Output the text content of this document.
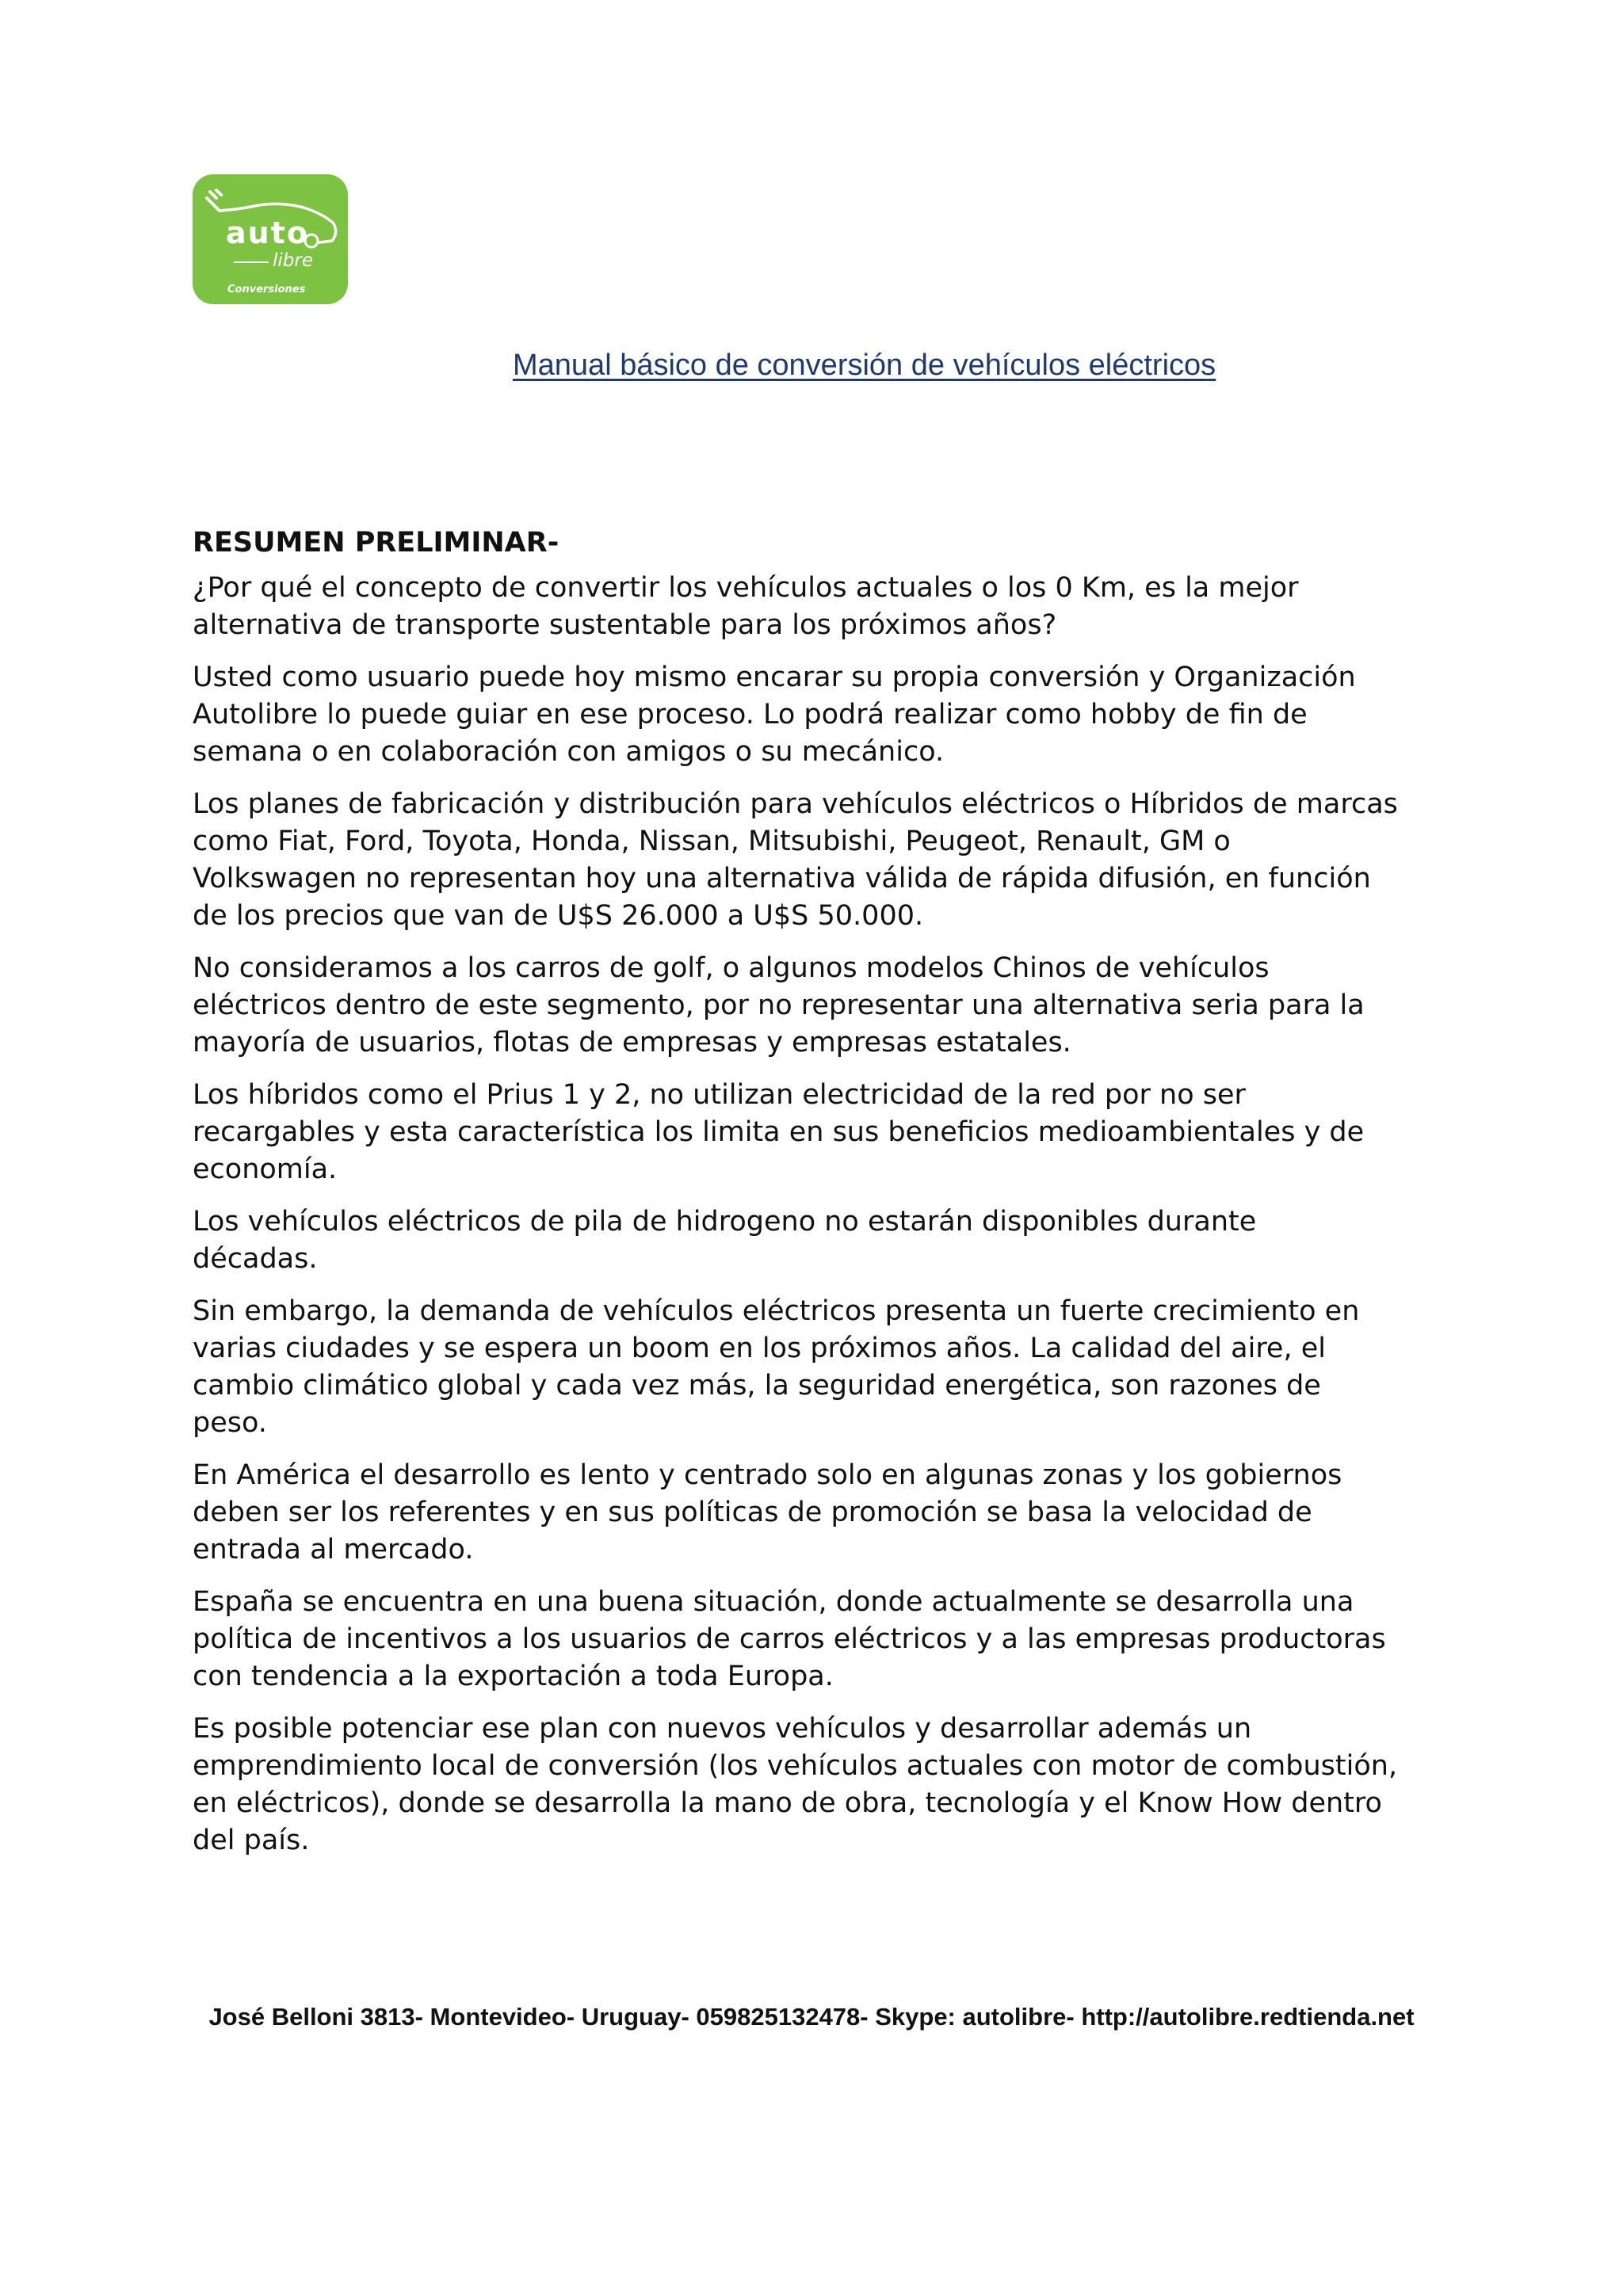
auto
libre
Conversiones
Manual básico de conversión de vehículos eléctricos
RESUMEN PRELIMINAR-

¿Por qué el concepto de convertir los vehículos actuales o los 0 Km, es la mejor
alternativa de transporte sustentable para los próximos años?

Usted como usuario puede hoy mismo encarar su propia conversión y Organización
Autolibre lo puede guiar en ese proceso. Lo podrá realizar como hobby de fin de
semana o en colaboración con amigos o su mecánico.

Los planes de fabricación y distribución para vehículos eléctricos o Híbridos de marcas
como Fiat, Ford, Toyota, Honda, Nissan, Mitsubishi, Peugeot, Renault, GM o
Volkswagen no representan hoy una alternativa válida de rápida difusión, en función
de los precios que van de U$S 26.000 a U$S 50.000.

No consideramos a los carros de golf, o algunos modelos Chinos de vehículos
eléctricos dentro de este segmento, por no representar una alternativa seria para la
mayoría de usuarios, flotas de empresas y empresas estatales.

Los híbridos como el Prius 1 y 2, no utilizan electricidad de la red por no ser
recargables y esta característica los limita en sus beneficios medioambientales y de
economía.

Los vehículos eléctricos de pila de hidrogeno no estarán disponibles durante
décadas.

Sin embargo, la demanda de vehículos eléctricos presenta un fuerte crecimiento en
varias ciudades y se espera un boom en los próximos años. La calidad del aire, el
cambio climático global y cada vez más, la seguridad energética, son razones de
peso.

En América el desarrollo es lento y centrado solo en algunas zonas y los gobiernos
deben ser los referentes y en sus políticas de promoción se basa la velocidad de
entrada al mercado.

España se encuentra en una buena situación, donde actualmente se desarrolla una
política de incentivos a los usuarios de carros eléctricos y a las empresas productoras
con tendencia a la exportación a toda Europa.

Es posible potenciar ese plan con nuevos vehículos y desarrollar además un
emprendimiento local de conversión (los vehículos actuales con motor de combustión,
en eléctricos), donde se desarrolla la mano de obra, tecnología y el Know How dentro
del país.

José Belloni 3813- Montevideo- Uruguay- 059825132478- Skype: autolibre- http://autolibre.redtienda.net
